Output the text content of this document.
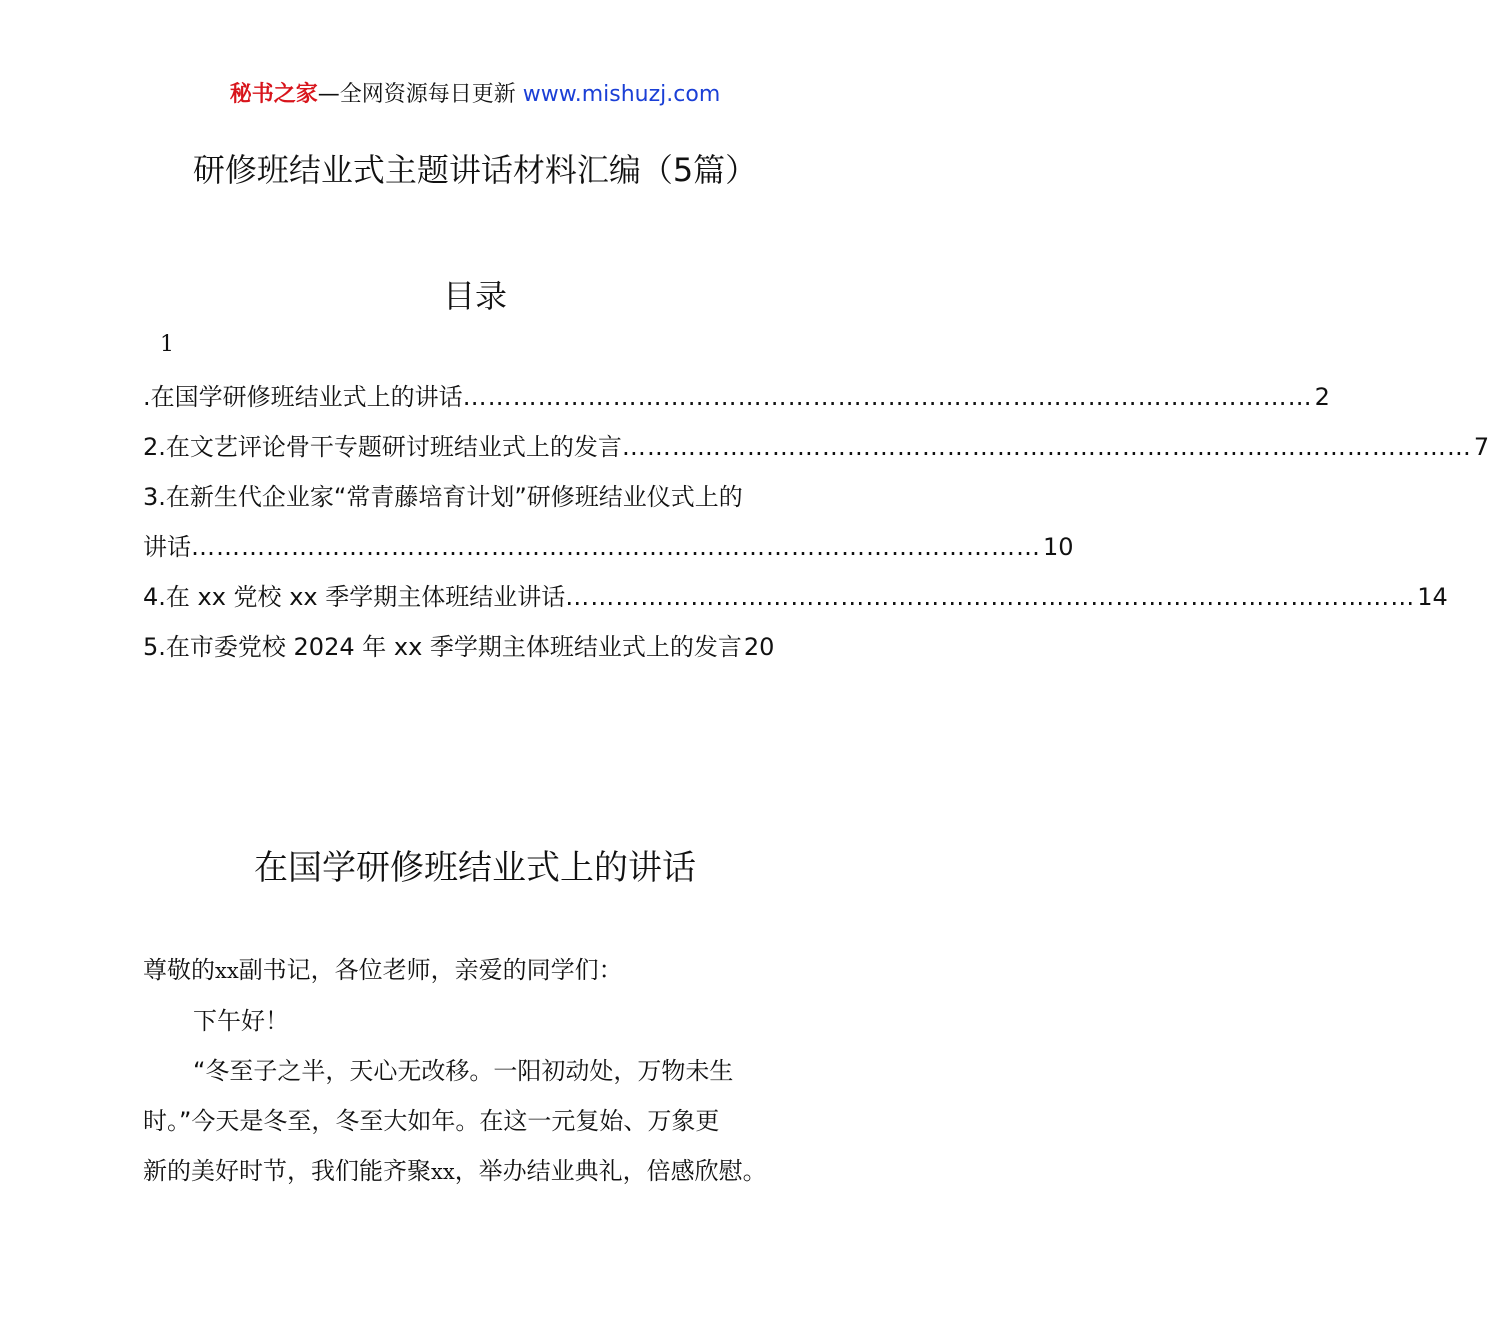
秘书之家—全网资源每日更新 www.mishuzj.com
研修班结业式主题讲话材料汇编（5篇）
目录
1
.在国学研修班结业式上的讲话 ………………………………………………………………………………………… 2
2.在文艺评论骨干专题研讨班结业式上的发言 ………………………………………………………………………………………… 7
3.在新生代企业家“常青藤培育计划”研修班结业仪式上的
讲话 ………………………………………………………………………………………… 10
4.在 xx 党校 xx 季学期主体班结业讲话 ………………………………………………………………………………………… 14
5.在市委党校 2024 年 xx 季学期主体班结业式上的发言 20
在国学研修班结业式上的讲话

尊敬的xx副书记，各位老师，亲爱的同学们：

下午好！

“冬至子之半，天心无改移。一阳初动处，万物未生

时。”今天是冬至，冬至大如年。在这一元复始、万象更

新的美好时节，我们能齐聚xx，举办结业典礼，倍感欣慰。
